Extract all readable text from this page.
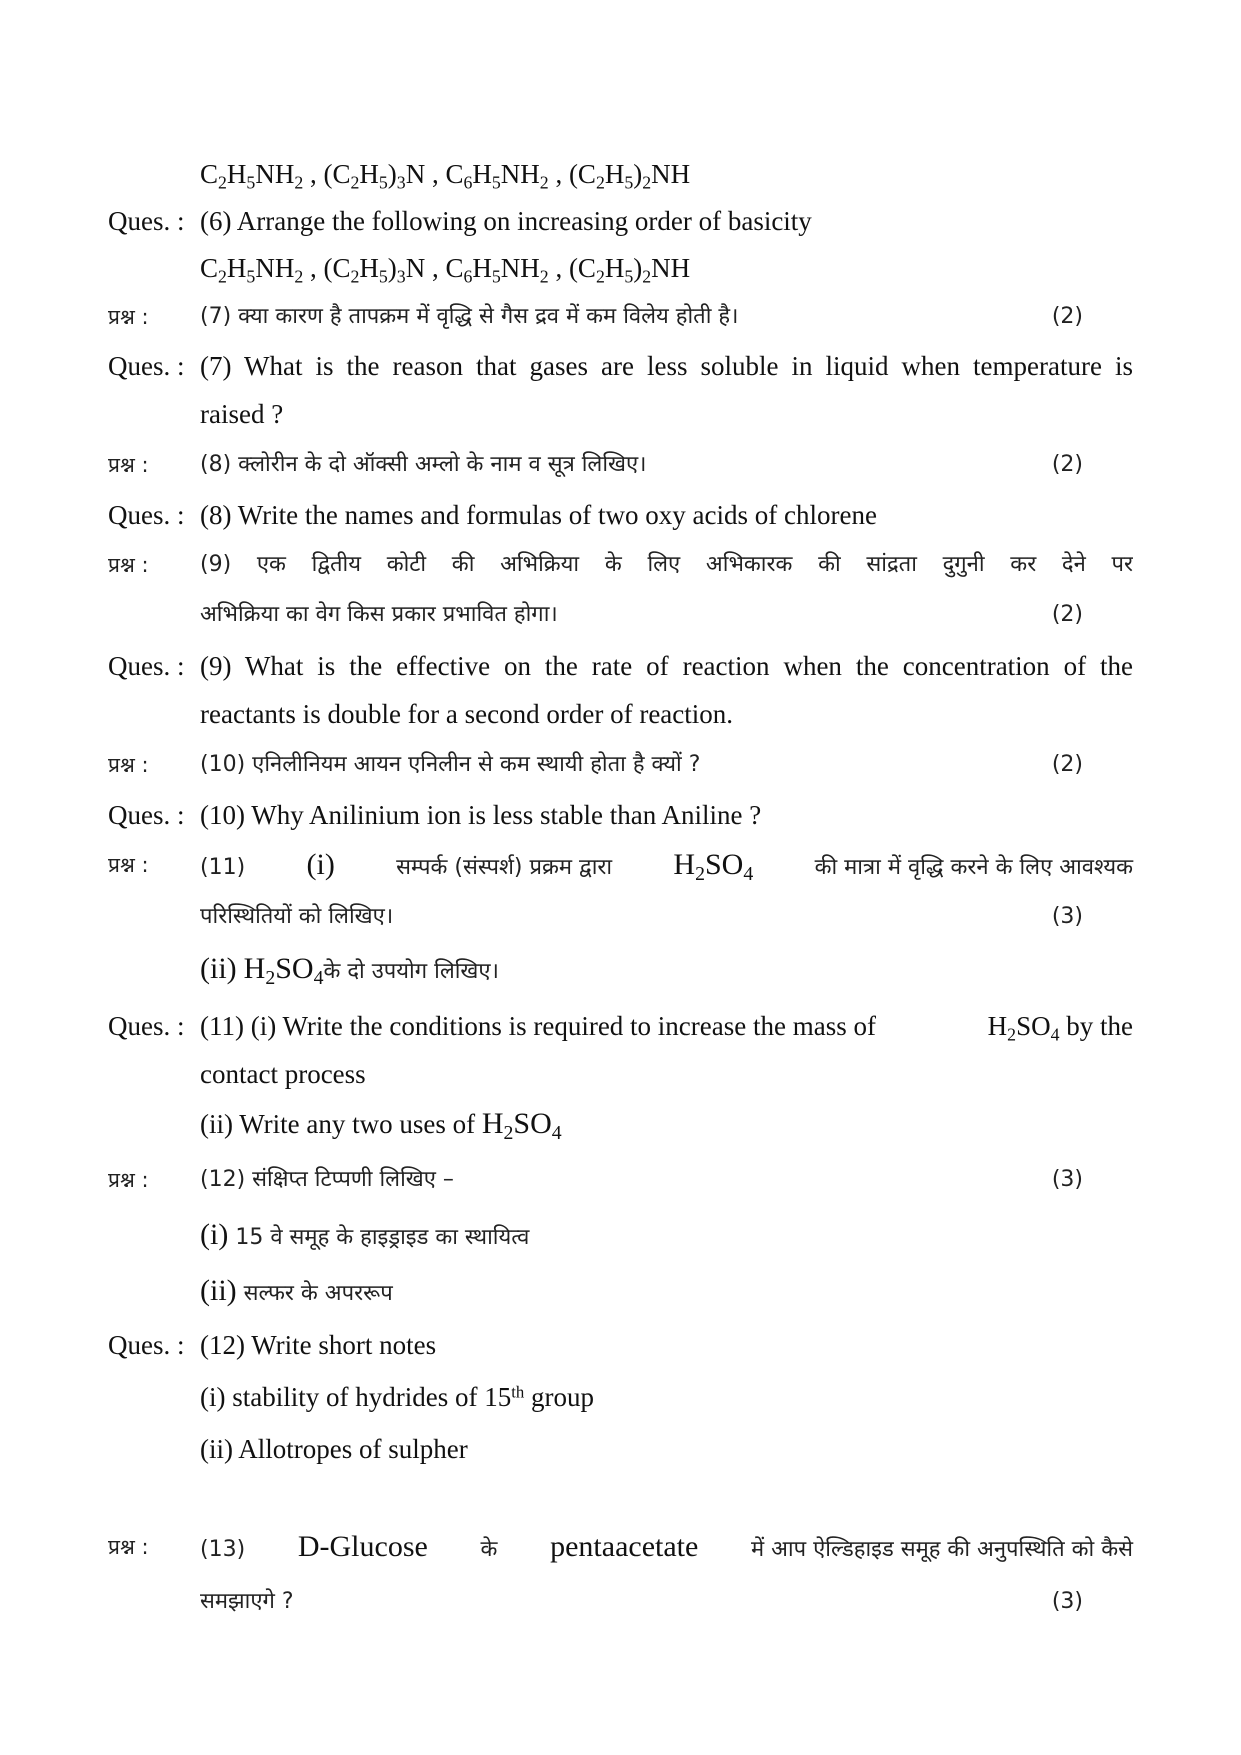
$C_2H_5NH_2$ , $(C_2H_5)_3N$ , $C_6H_5NH_2$ , $(C_2H_5)_2NH$
Ques. : (6) Arrange the following on increasing order of basicity
$C_2H_5NH_2$ , $(C_2H_5)_3N$ , $C_6H_5NH_2$ , $(C_2H_5)_2NH$
प्रश्न : (7) क्या कारण है तापक्रम में वृद्धि से गैस द्रव में कम विलेय होती है।	(2)
Ques. : (7) What is the reason that gases are less soluble in liquid when temperature is
raised ?
प्रश्न : (8) क्लोरीन के दो ऑक्सी अम्लो के नाम व सूत्र लिखिए।	(2)
Ques. : (8) Write the names and formulas of two oxy acids of chlorene
प्रश्न : (9) एक द्वितीय कोटी की अभिक्रिया के लिए अभिकारक की सांद्रता दुगुनी कर देने पर
अभिक्रिया का वेग किस प्रकार प्रभावित होगा।	(2)
Ques. : (9) What is the effective on the rate of reaction when the concentration of the
reactants is double for a second order of reaction.
प्रश्न : (10) एनिलीनियम आयन एनिलीन से कम स्थायी होता है क्यों ?	(2)
Ques. : (10) Why Anilinium ion is less stable than Aniline ?
प्रश्न : (11) (i)	सम्पर्क (संस्पर्श) प्रक्रम द्वारा $H_2SO_4$	की मात्रा में वृद्धि करने के लिए आवश्यक
परिस्थितियों को लिखिए।	(3)
(ii) $H_2SO_4के$ दो उपयोग लिखिए।
Ques. : (11) (i) Write the conditions is required to increase the mass of	$H_2SO_4$ by the
contact process
(ii) Write any two uses of $H_2SO_4$
प्रश्न : (12) संक्षिप्त टिप्पणी लिखिए –	(3)
(i) 15 वे समूह के हाइड्राइड का स्थायित्व
(ii) सल्फर के अपररूप
Ques. : (12) Write short notes
(i) stability of hydrides of 15th group
(ii) Allotropes of sulpher
प्रश्न : (13) D-Glucose के pentaacetate में आप ऐल्डिहाइड समूह की अनुपस्थिति को कैसे
समझाएगे ?	(3)
